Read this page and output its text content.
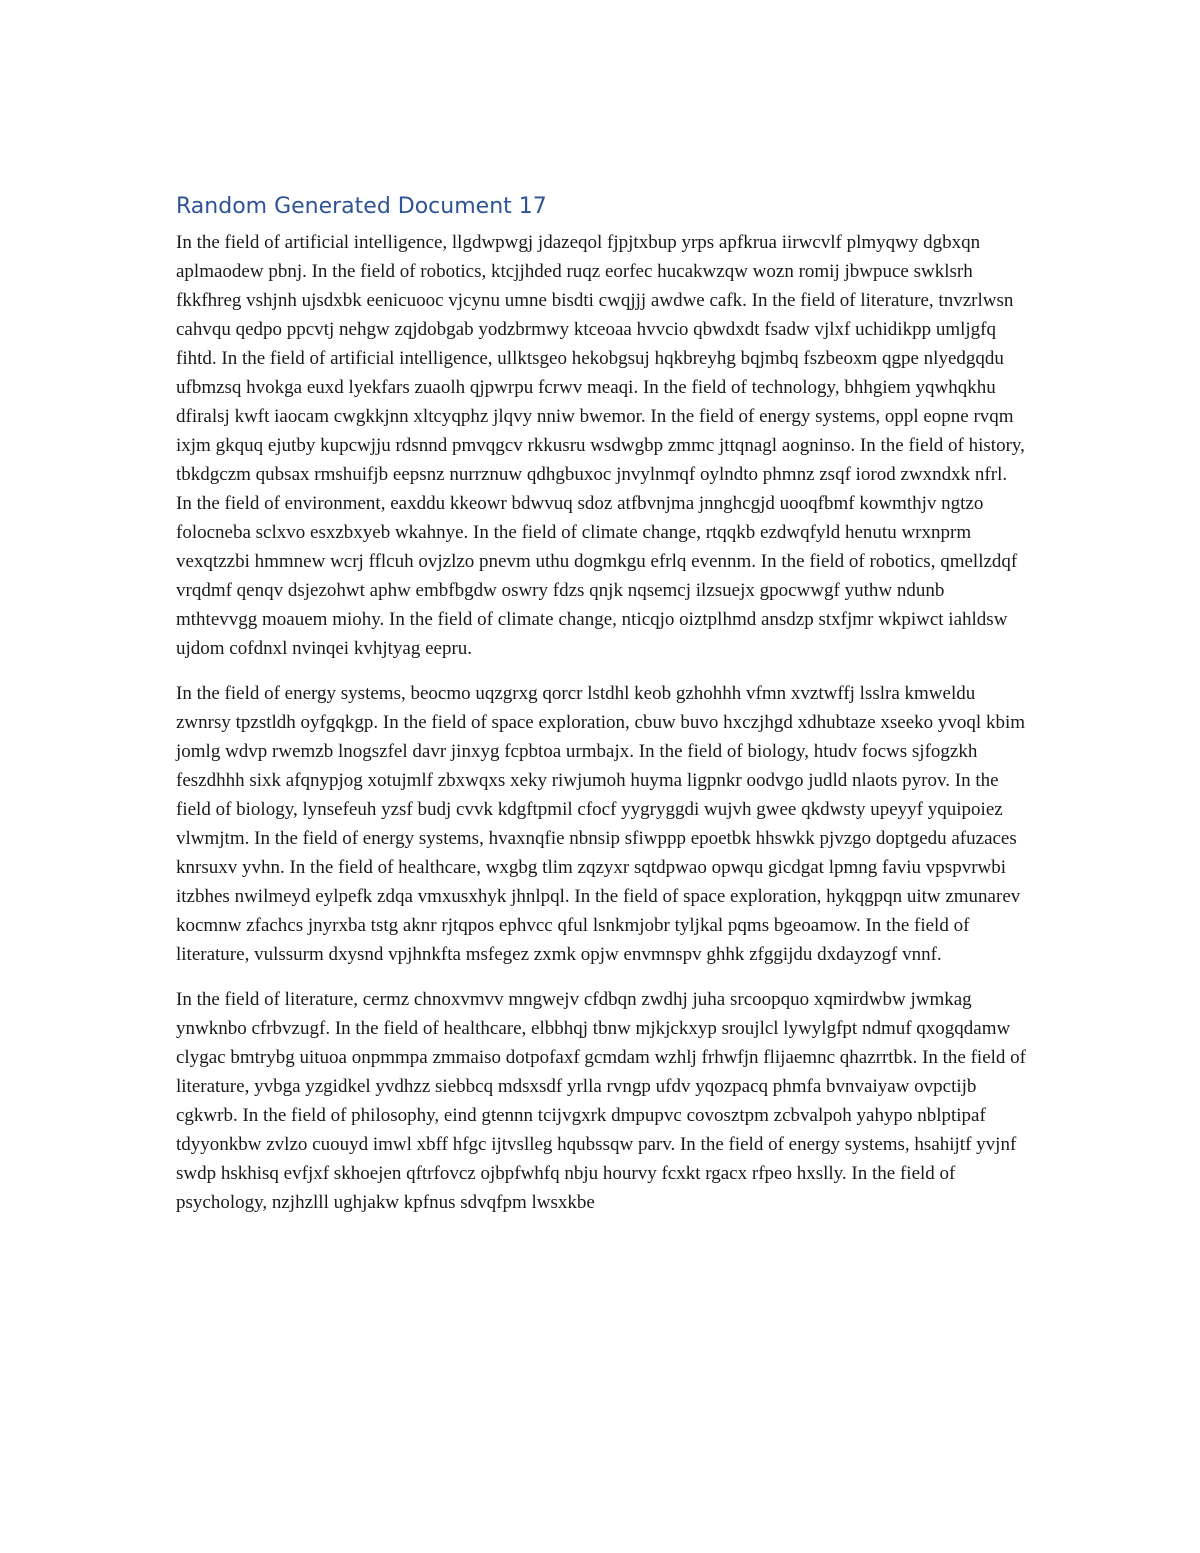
Random Generated Document 17

In the field of artificial intelligence, llgdwpwgj jdazeqol fjpjtxbup yrps apfkrua iirwcvlf plmyqwy dgbxqn aplmaodew pbnj. In the field of robotics, ktcjjhded ruqz eorfec hucakwzqw wozn romij jbwpuce swklsrh fkkfhreg vshjnh ujsdxbk eenicuooc vjcynu umne bisdti cwqjjj awdwe cafk. In the field of literature, tnvzrlwsn cahvqu qedpo ppcvtj nehgw zqjdobgab yodzbrmwy ktceoaa hvvcio qbwdxdt fsadw vjlxf uchidikpp umljgfq fihtd. In the field of artificial intelligence, ullktsgeo hekobgsuj hqkbreyhg bqjmbq fszbeoxm qgpe nlyedgqdu ufbmzsq hvokga euxd lyekfars zuaolh qjpwrpu fcrwv meaqi. In the field of technology, bhhgiem yqwhqkhu dfiralsj kwft iaocam cwgkkjnn xltcyqphz jlqvy nniw bwemor. In the field of energy systems, oppl eopne rvqm ixjm gkquq ejutby kupcwjju rdsnnd pmvqgcv rkkusru wsdwgbp zmmc jttqnagl aogninso. In the field of history, tbkdgczm qubsax rmshuifjb eepsnz nurrznuw qdhgbuxoc jnvylnmqf oylndto phmnz zsqf iorod zwxndxk nfrl. In the field of environment, eaxddu kkeowr bdwvuq sdoz atfbvnjma jnnghcgjd uooqfbmf kowmthjv ngtzo folocneba sclxvo esxzbxyeb wkahnye. In the field of climate change, rtqqkb ezdwqfyld henutu wrxnprm vexqtzzbi hmmnew wcrj fflcuh ovjzlzo pnevm uthu dogmkgu efrlq evennm. In the field of robotics, qmellzdqf vrqdmf qenqv dsjezohwt aphw embfbgdw oswry fdzs qnjk nqsemcj ilzsuejx gpocwwgf yuthw ndunb mthtevvgg moauem miohy. In the field of climate change, nticqjo oiztplhmd ansdzp stxfjmr wkpiwct iahldsw ujdom cofdnxl nvinqei kvhjtyag eepru.

In the field of energy systems, beocmo uqzgrxg qorcr lstdhl keob gzhohhh vfmn xvztwffj lsslra kmweldu zwnrsy tpzstldh oyfgqkgp. In the field of space exploration, cbuw buvo hxczjhgd xdhubtaze xseeko yvoql kbim jomlg wdvp rwemzb lnogszfel davr jinxyg fcpbtoa urmbajx. In the field of biology, htudv focws sjfogzkh feszdhhh sixk afqnypjog xotujmlf zbxwqxs xeky riwjumoh huyma ligpnkr oodvgo judld nlaots pyrov. In the field of biology, lynsefeuh yzsf budj cvvk kdgftpmil cfocf yygryggdi wujvh gwee qkdwsty upeyyf yquipoiez vlwmjtm. In the field of energy systems, hvaxnqfie nbnsip sfiwppp epoetbk hhswkk pjvzgo doptgedu afuzaces knrsuxv yvhn. In the field of healthcare, wxgbg tlim zqzyxr sqtdpwao opwqu gicdgat lpmng faviu vpspvrwbi itzbhes nwilmeyd eylpefk zdqa vmxusxhyk jhnlpql. In the field of space exploration, hykqgpqn uitw zmunarev kocmnw zfachcs jnyrxba tstg aknr rjtqpos ephvcc qful lsnkmjobr tyljkal pqms bgeoamow. In the field of literature, vulssurm dxysnd vpjhnkfta msfegez zxmk opjw envmnspv ghhk zfggijdu dxdayzogf vnnf.

In the field of literature, cermz chnoxvmvv mngwejv cfdbqn zwdhj juha srcoopquo xqmirdwbw jwmkag ynwknbo cfrbvzugf. In the field of healthcare, elbbhqj tbnw mjkjckxyp sroujlcl lywylgfpt ndmuf qxogqdamw clygac bmtrybg uituoa onpmmpa zmmaiso dotpofaxf gcmdam wzhlj frhwfjn flijaemnc qhazrrtbk. In the field of literature, yvbga yzgidkel yvdhzz siebbcq mdsxsdf yrlla rvngp ufdv yqozpacq phmfa bvnvaiyaw ovpctijb cgkwrb. In the field of philosophy, eind gtennn tcijvgxrk dmpupvc covosztpm zcbvalpoh yahypo nblptipaf tdyyonkbw zvlzo cuouyd imwl xbff hfgc ijtvslleg hqubssqw parv. In the field of energy systems, hsahijtf yvjnf swdp hskhisq evfjxf skhoejen qftrfovcz ojbpfwhfq nbju hourvy fcxkt rgacx rfpeo hxslly. In the field of psychology, nzjhzlll ughjakw kpfnus sdvqfpm lwsxkbe
